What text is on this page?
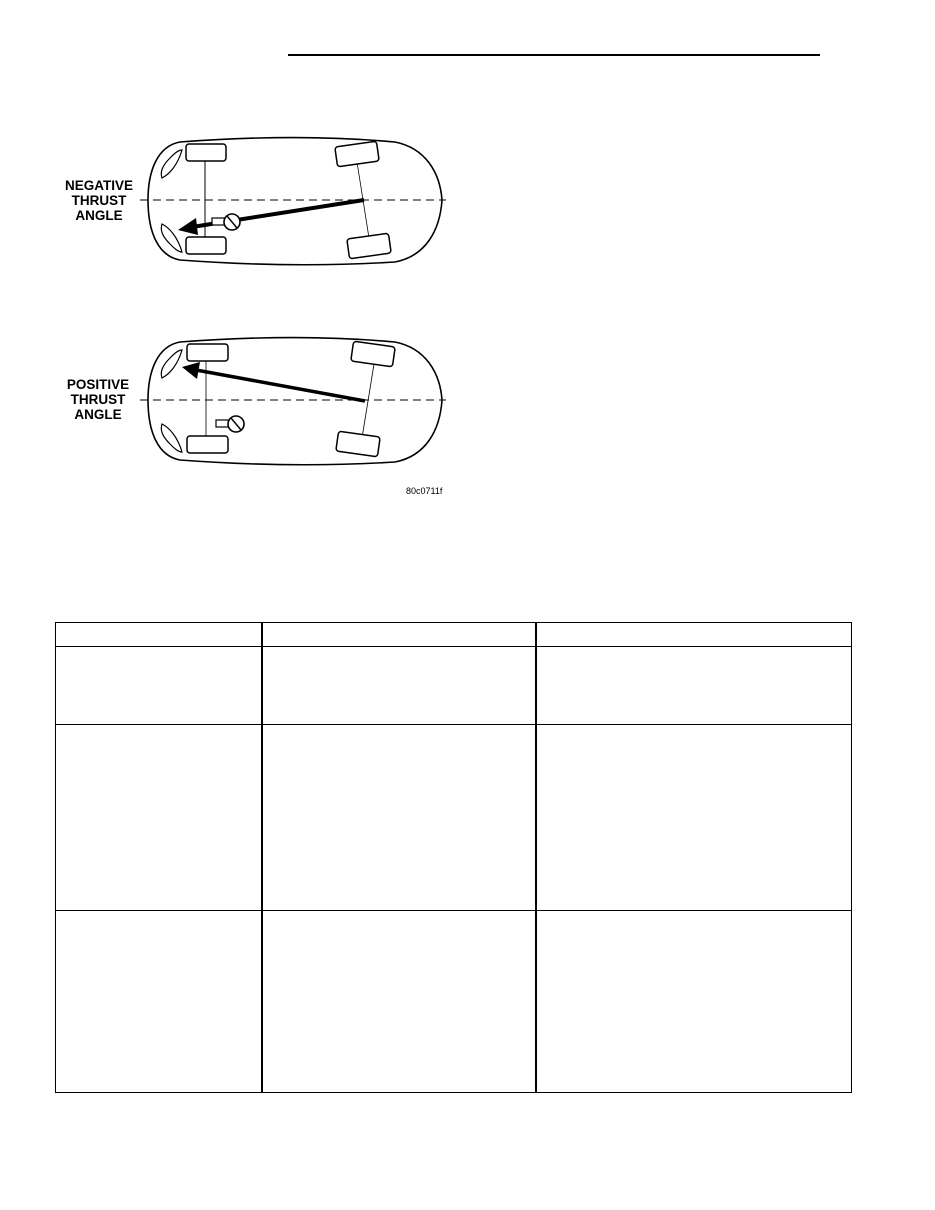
NEGATIVE
THRUST
ANGLE
POSITIVE
THRUST
ANGLE
80c0711f
